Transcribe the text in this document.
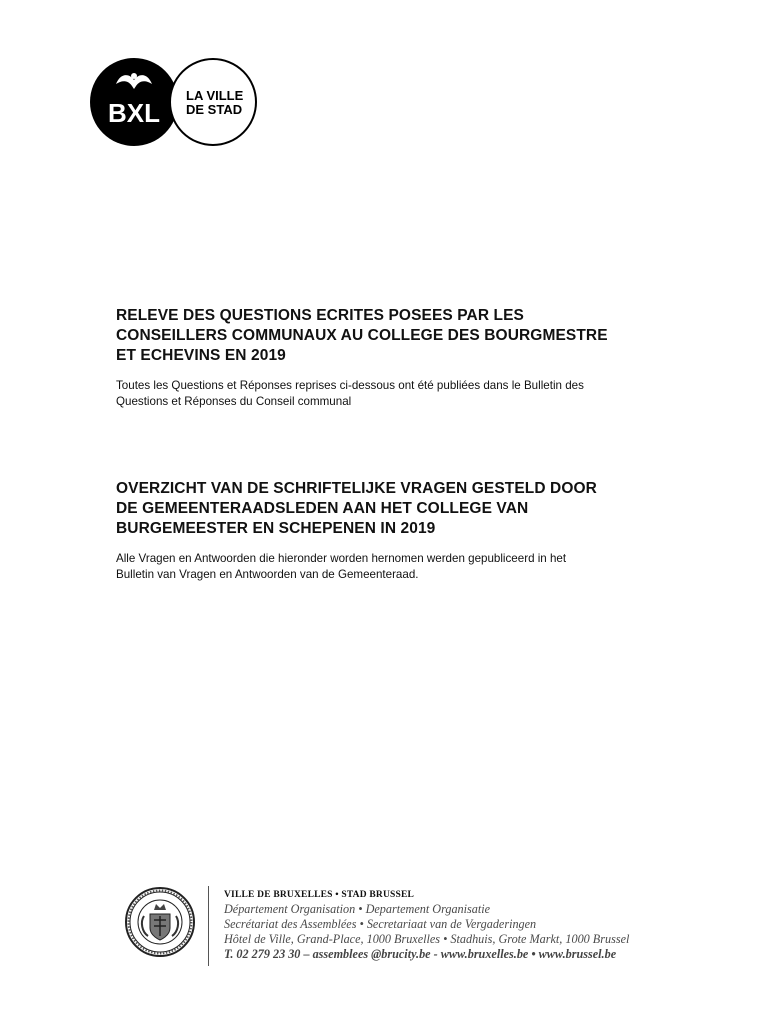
BXL
LA VILLE
DE STAD
RELEVE DES QUESTIONS ECRITES POSEES PAR LES
CONSEILLERS COMMUNAUX AU COLLEGE DES BOURGMESTRE
ET ECHEVINS EN 2019

Toutes les Questions et Réponses reprises ci-dessous ont été publiées dans le Bulletin des
Questions et Réponses du Conseil communal

OVERZICHT VAN DE SCHRIFTELIJKE VRAGEN GESTELD DOOR
DE GEMEENTERAADSLEDEN AAN HET COLLEGE VAN
BURGEMEESTER EN SCHEPENEN IN 2019

Alle Vragen en Antwoorden die hieronder worden hernomen werden gepubliceerd in het
Bulletin van Vragen en Antwoorden van de Gemeenteraad.

VILLE DE BRUXELLES • STAD BRUSSEL
Département Organisation • Departement Organisatie
Secrétariat des Assemblées • Secretariaat van de Vergaderingen
Hôtel de Ville, Grand-Place, 1000 Bruxelles • Stadhuis, Grote Markt, 1000 Brussel
T. 02 279 23 30 – assemblees @brucity.be - www.bruxelles.be • www.brussel.be
